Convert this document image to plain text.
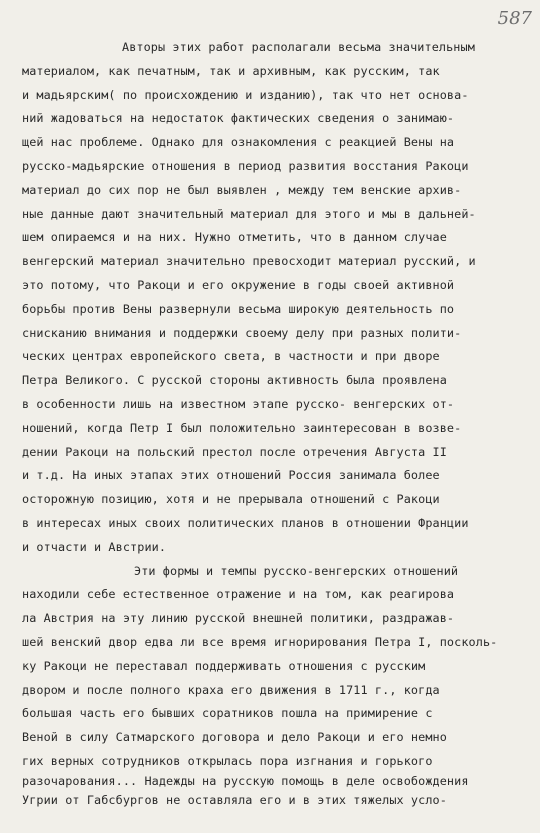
587
Авторы этих работ располагали весьма значительным
материалом, как печатным, так и архивным, как русским, так
и мадьярским( по происхождению и изданию), так что нет основа-
ний жадоваться на недостаток фактических сведения о занимаю-
щей нас проблеме. Однако для ознакомления с реакцией Вены на
русско-мадьярские отношения в период развития восстания Ракоци
материал до сих пор не был выявлен , между тем венские архив-
ные данные дают значительный материал для этого и мы в дальней-
шем опираемся и на них. Нужно отметить, что в данном случае
венгерский материал значительно превосходит материал русский, и
это потому, что Ракоци и его окружение в годы своей активной
борьбы против Вены развернули весьма широкую деятельность по
снисканию внимания и поддержки своему делу при разных полити-
ческих центрах европейского света, в частности и при дворе
Петра Великого. С русской стороны активность была проявлена
в особенности лишь на известном этапе русско- венгерских от-
ношений, когда Петр I был положительно заинтересован в возве-
дении Ракоци на польский престол после отречения Августа II
и т.д. На иных этапах этих отношений Россия занимала более
осторожную позицию, хотя и не прерывала отношений с Ракоци
в интересах иных своих политических планов в отношении Франции
и отчасти и Австрии.
Эти формы и темпы русско-венгерских отношений
находили себе естественное отражение и на том, как реагирова
ла Австрия на эту линию русской внешней политики, раздражав-
шей венский двор едва ли все время игнорирования Петра I, посколь-
ку Ракоци не переставал поддерживать отношения с русским
двором и после полного краха его движения в 1711 г., когда
большая часть его бывших соратников пошла на примирение с
Веной в силу Сатмарского договора и дело Ракоци и его немно
гих верных сотрудников открылась пора изгнания и горького
разочарования... Надежды на русскую помощь в деле освобождения
Угрии от Габсбургов не оставляла его и в этих тяжелых усло-
